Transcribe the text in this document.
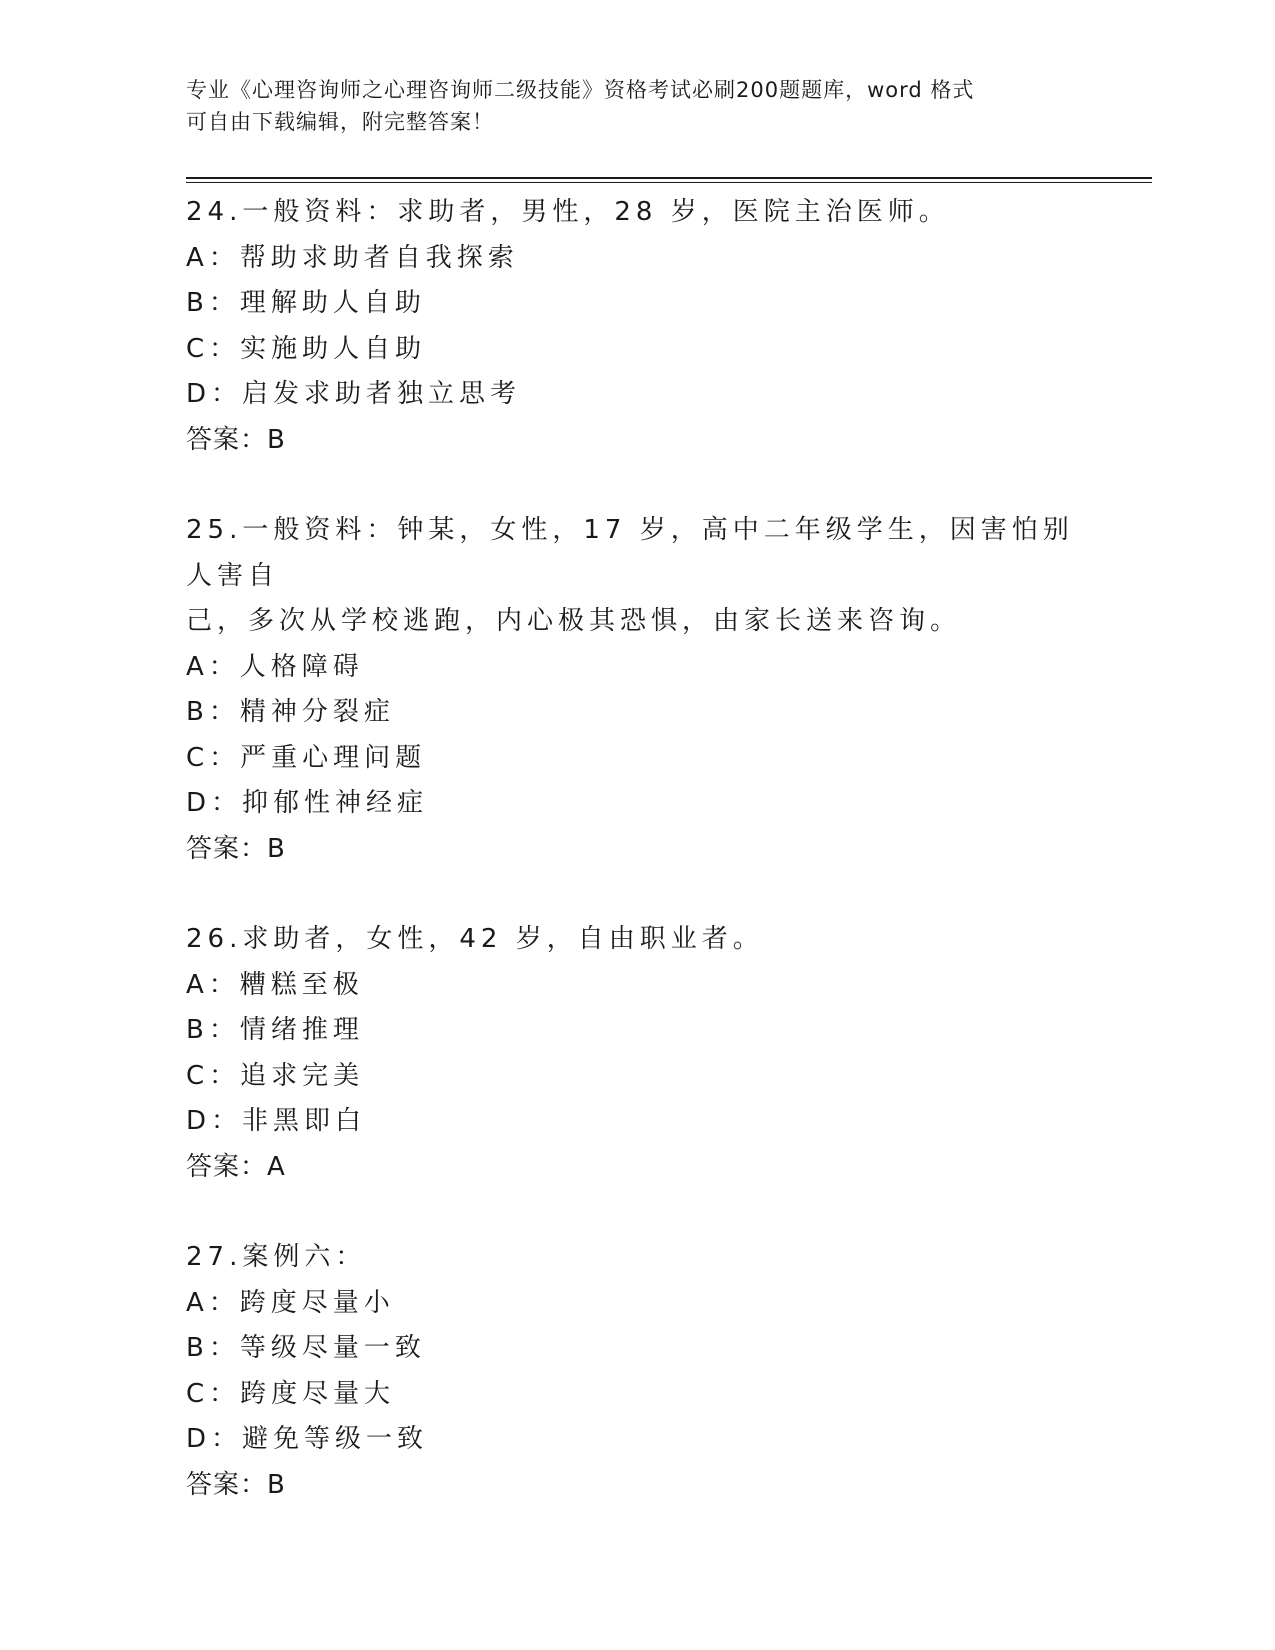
专业《心理咨询师之心理咨询师二级技能》资格考试必刷200题题库，word 格式
可自由下载编辑，附完整答案！
24.一般资料：求助者，男性，28 岁，医院主治医师。
A：帮助求助者自我探索
B：理解助人自助
C：实施助人自助
D：启发求助者独立思考
答案：B
25.一般资料：钟某，女性，17 岁，高中二年级学生，因害怕别人害自
己，多次从学校逃跑，内心极其恐惧，由家长送来咨询。
A：人格障碍
B：精神分裂症
C：严重心理问题
D：抑郁性神经症
答案：B
26.求助者，女性，42 岁，自由职业者。
A：糟糕至极
B：情绪推理
C：追求完美
D：非黑即白
答案：A
27.案例六：
A：跨度尽量小
B：等级尽量一致
C：跨度尽量大
D：避免等级一致
答案：B
